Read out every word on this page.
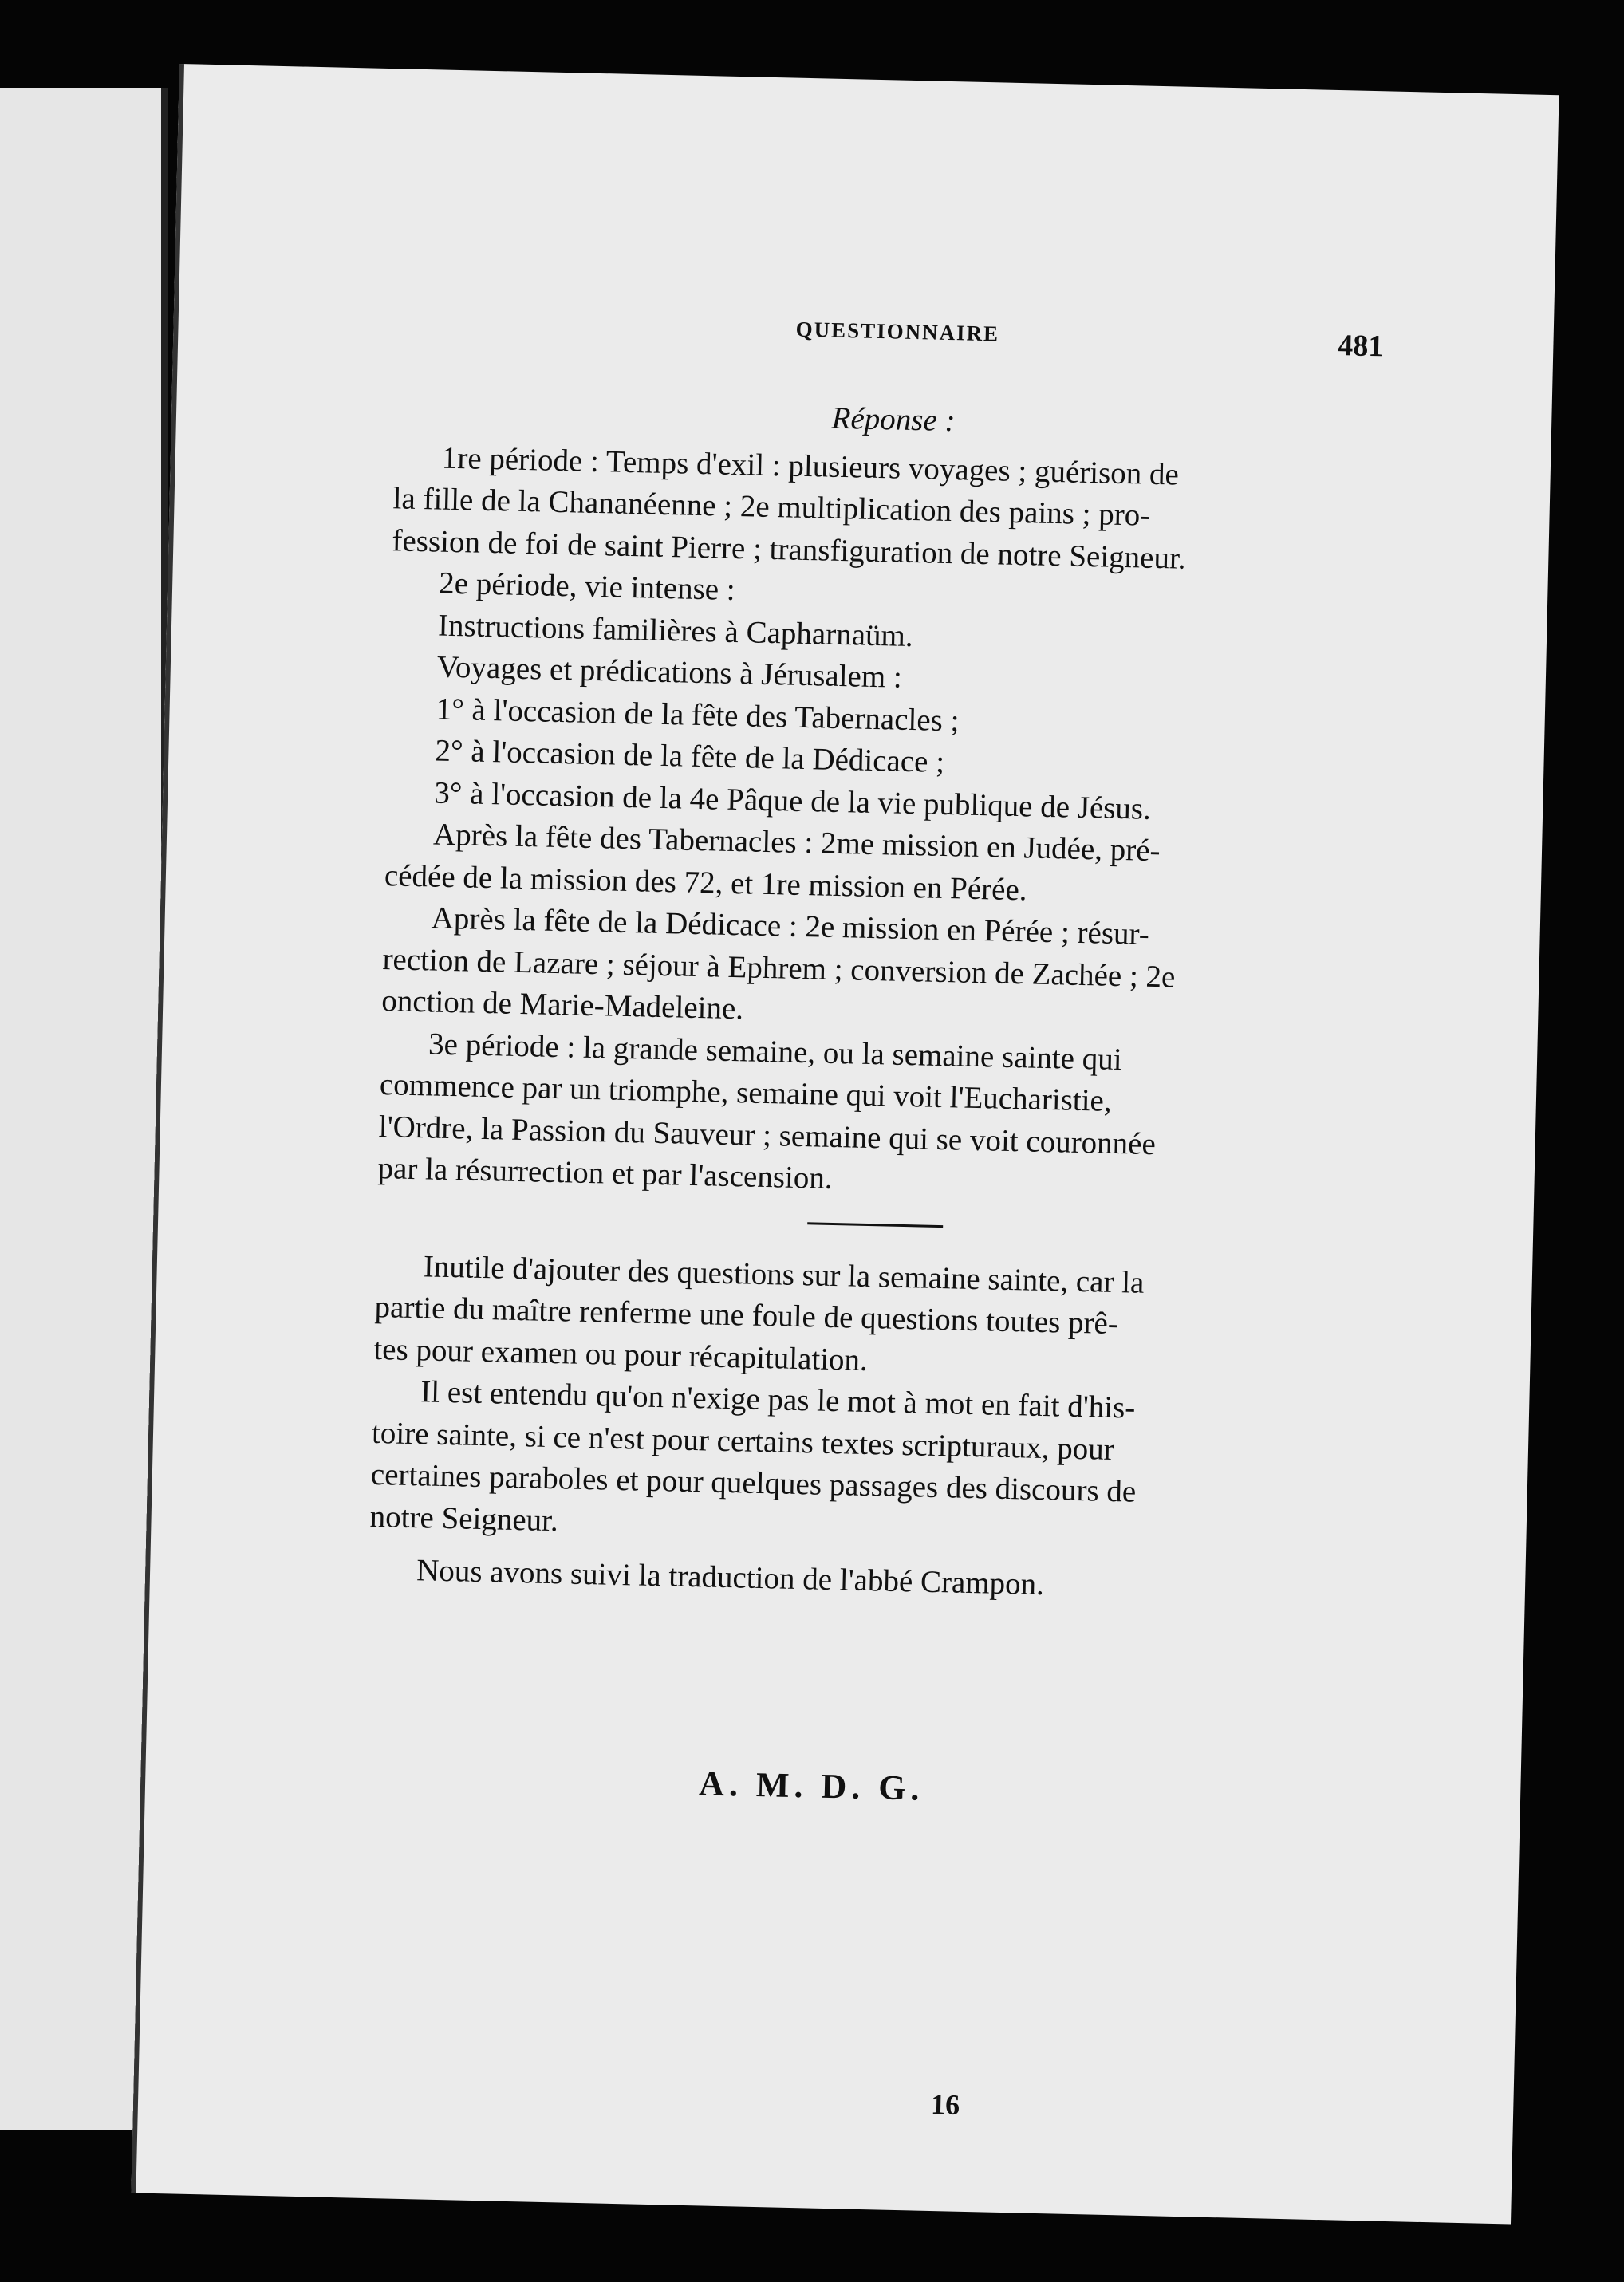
QUESTIONNAIRE	481

Réponse :

1re période : Temps d'exil : plusieurs voyages ; guérison de

la fille de la Chananéenne ; 2e multiplication des pains ; pro-

fession de foi de saint Pierre ; transfiguration de notre Seigneur.

2e période, vie intense :

Instructions familières à Capharnaüm.

Voyages et prédications à Jérusalem :

1° à l'occasion de la fête des Tabernacles ;

2° à l'occasion de la fête de la Dédicace ;

3° à l'occasion de la 4e Pâque de la vie publique de Jésus.

Après la fête des Tabernacles : 2me mission en Judée, pré-

cédée de la mission des 72, et 1re mission en Pérée.

Après la fête de la Dédicace : 2e mission en Pérée ; résur-

rection de Lazare ; séjour à Ephrem ; conversion de Zachée ; 2e

onction de Marie-Madeleine.

3e période : la grande semaine, ou la semaine sainte qui

commence par un triomphe, semaine qui voit l'Eucharistie,

l'Ordre, la Passion du Sauveur ; semaine qui se voit couronnée

par la résurrection et par l'ascension.

Inutile d'ajouter des questions sur la semaine sainte, car la

partie du maître renferme une foule de questions toutes prê-

tes pour examen ou pour récapitulation.

Il est entendu qu'on n'exige pas le mot à mot en fait d'his-

toire sainte, si ce n'est pour certains textes scripturaux, pour

certaines paraboles et pour quelques passages des discours de

notre Seigneur.

Nous avons suivi la traduction de l'abbé Crampon.

A. M. D. G.
16
